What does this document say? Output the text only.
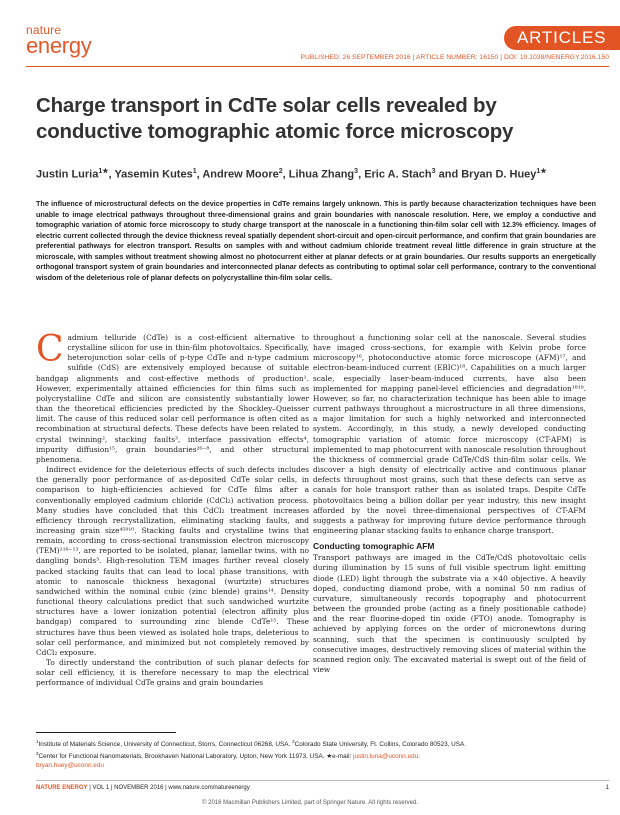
nature
energy	ARTICLES
PUBLISHED: 26 SEPTEMBER 2016 | ARTICLE NUMBER: 16150 | DOI: 10.1038/NENERGY.2016.150
Charge transport in CdTe solar cells revealed by conductive tomographic atomic force microscopy
Justin Luria$^{1★}$, Yasemin Kutes$^1$, Andrew Moore$^2$, Lihua Zhang$^3$, Eric A. Stach$^3$ and Bryan D. Huey$^{1★}$

The influence of microstructural defects on the device properties in CdTe remains largely unknown. This is partly because characterization techniques have been unable to image electrical pathways throughout three-dimensional grains and grain boundaries with nanoscale resolution. Here, we employ a conductive and tomographic variation of atomic force microscopy to study charge transport at the nanoscale in a functioning thin-film solar cell with 12.3% efficiency. Images of electric current collected through the device thickness reveal spatially dependent short-circuit and open-circuit performance, and confirm that grain boundaries are preferential pathways for electron transport. Results on samples with and without cadmium chloride treatment reveal little difference in grain structure at the microscale, with samples without treatment showing almost no photocurrent either at planar defects or at grain boundaries. Our results supports an energetically orthogonal transport system of grain boundaries and interconnected planar defects as contributing to optimal solar cell performance, contrary to the conventional wisdom of the deleterious role of planar defects on polycrystalline thin-film solar cells.

Cadmium telluride (CdTe) is a cost-efficient alternative to crystalline silicon for use in thin-film photovoltaics. Specifically, heterojunction solar cells of p-type CdTe and n-type cadmium sulfide (CdS) are extensively employed because of suitable bandgap alignments and cost-effective methods of production¹. However, experimentally attained efficiencies for thin films such as polycrystalline CdTe and silicon are consistently substantially lower than the theoretical efficiencies predicted by the Shockley–Queisser limit. The cause of this reduced solar cell performance is often cited as recombination at structural defects. These defects have been related to crystal twinning², stacking faults³, interface passivation effects⁴, impurity diffusion¹⁵, grain boundaries²⁶⁻⁸, and other structural phenomena.

Indirect evidence for the deleterious effects of such defects includes the generally poor performance of as-deposited CdTe solar cells, in comparison to high-efficiencies achieved for CdTe films after a conventionally employed cadmium chloride (CdCl₂) activation process. Many studies have concluded that this CdCl₂ treatment increases efficiency through recrystallization, eliminating stacking faults, and increasing grain size⁴⁵⁹¹⁰. Stacking faults and crystalline twins that remain, according to cross-sectional transmission electron microscopy (TEM)²¹⁶⁻¹³, are reported to be isolated, planar, lamellar twins, with no dangling bonds³. High-resolution TEM images further reveal closely packed stacking faults that can lead to local phase transitions, with atomic to nanoscale thickness hexagonal (wurtzite) structures sandwiched within the nominal cubic (zinc blende) grains¹⁴. Density functional theory calculations predict that such sandwiched wurtzite structures have a lower ionization potential (electron affinity plus bandgap) compared to surrounding zinc blende CdTe¹⁵. These structures have thus been viewed as isolated hole traps, deleterious to solar cell performance, and minimized but not completely removed by CdCl₂ exposure.

To directly understand the contribution of such planar defects for solar cell efficiency, it is therefore necessary to map the electrical performance of individual CdTe grains and grain boundaries

throughout a functioning solar cell at the nanoscale. Several studies have imaged cross-sections, for example with Kelvin probe force microscopy¹⁶, photoconductive atomic force microscope (AFM)¹⁷, and electron-beam-induced current (EBIC)¹⁸. Capabilities on a much larger scale, especially laser-beam-induced currents, have also been implemented for mapping panel-level efficiencies and degradation¹⁸¹⁹. However, so far, no characterization technique has been able to image current pathways throughout a microstructure in all three dimensions, a major limitation for such a highly networked and interconnected system. Accordingly, in this study, a newly developed conducting tomographic variation of atomic force microscopy (CT-AFM) is implemented to map photocurrent with nanoscale resolution throughout the thickness of commercial grade CdTe/CdS thin-film solar cells. We discover a high density of electrically active and continuous planar defects throughout most grains, such that these defects can serve as canals for hole transport rather than as isolated traps. Despite CdTe photovoltaics being a billion dollar per year industry, this new insight afforded by the novel three-dimensional perspectives of CT-AFM suggests a pathway for improving future device performance through engineering planar stacking faults to enhance charge transport.

Conducting tomographic AFM

Transport pathways are imaged in the CdTe/CdS photovoltaic cells during illumination by 15 suns of full visible spectrum light emitting diode (LED) light through the substrate via a ×40 objective. A heavily doped, conducting diamond probe, with a nominal 50 nm radius of curvature, simultaneously records topography and photocurrent between the grounded probe (acting as a finely positionable cathode) and the rear fluorine-doped tin oxide (FTO) anode. Tomography is achieved by applying forces on the order of micronewtons during scanning, such that the specimen is continuously sculpted by consecutive images, destructively removing slices of material within the scanned region only. The excavated material is swept out of the field of view

$^1$Institute of Materials Science, University of Connecticut, Storrs, Connecticut 06268, USA. $^2$Colorado State University, Ft. Collins, Colorado 80523, USA.
$^3$Center for Functional Nanomaterials, Brookhaven National Laboratory, Upton, New York 11973, USA. ★e-mail: justin.luria@uconn.edu;
bryan.huey@uconn.edu
NATURE ENERGY | VOL 1 | NOVEMBER 2016 | www.nature.com/natureenergy	1
© 2016 Macmillan Publishers Limited, part of Springer Nature. All rights reserved.
